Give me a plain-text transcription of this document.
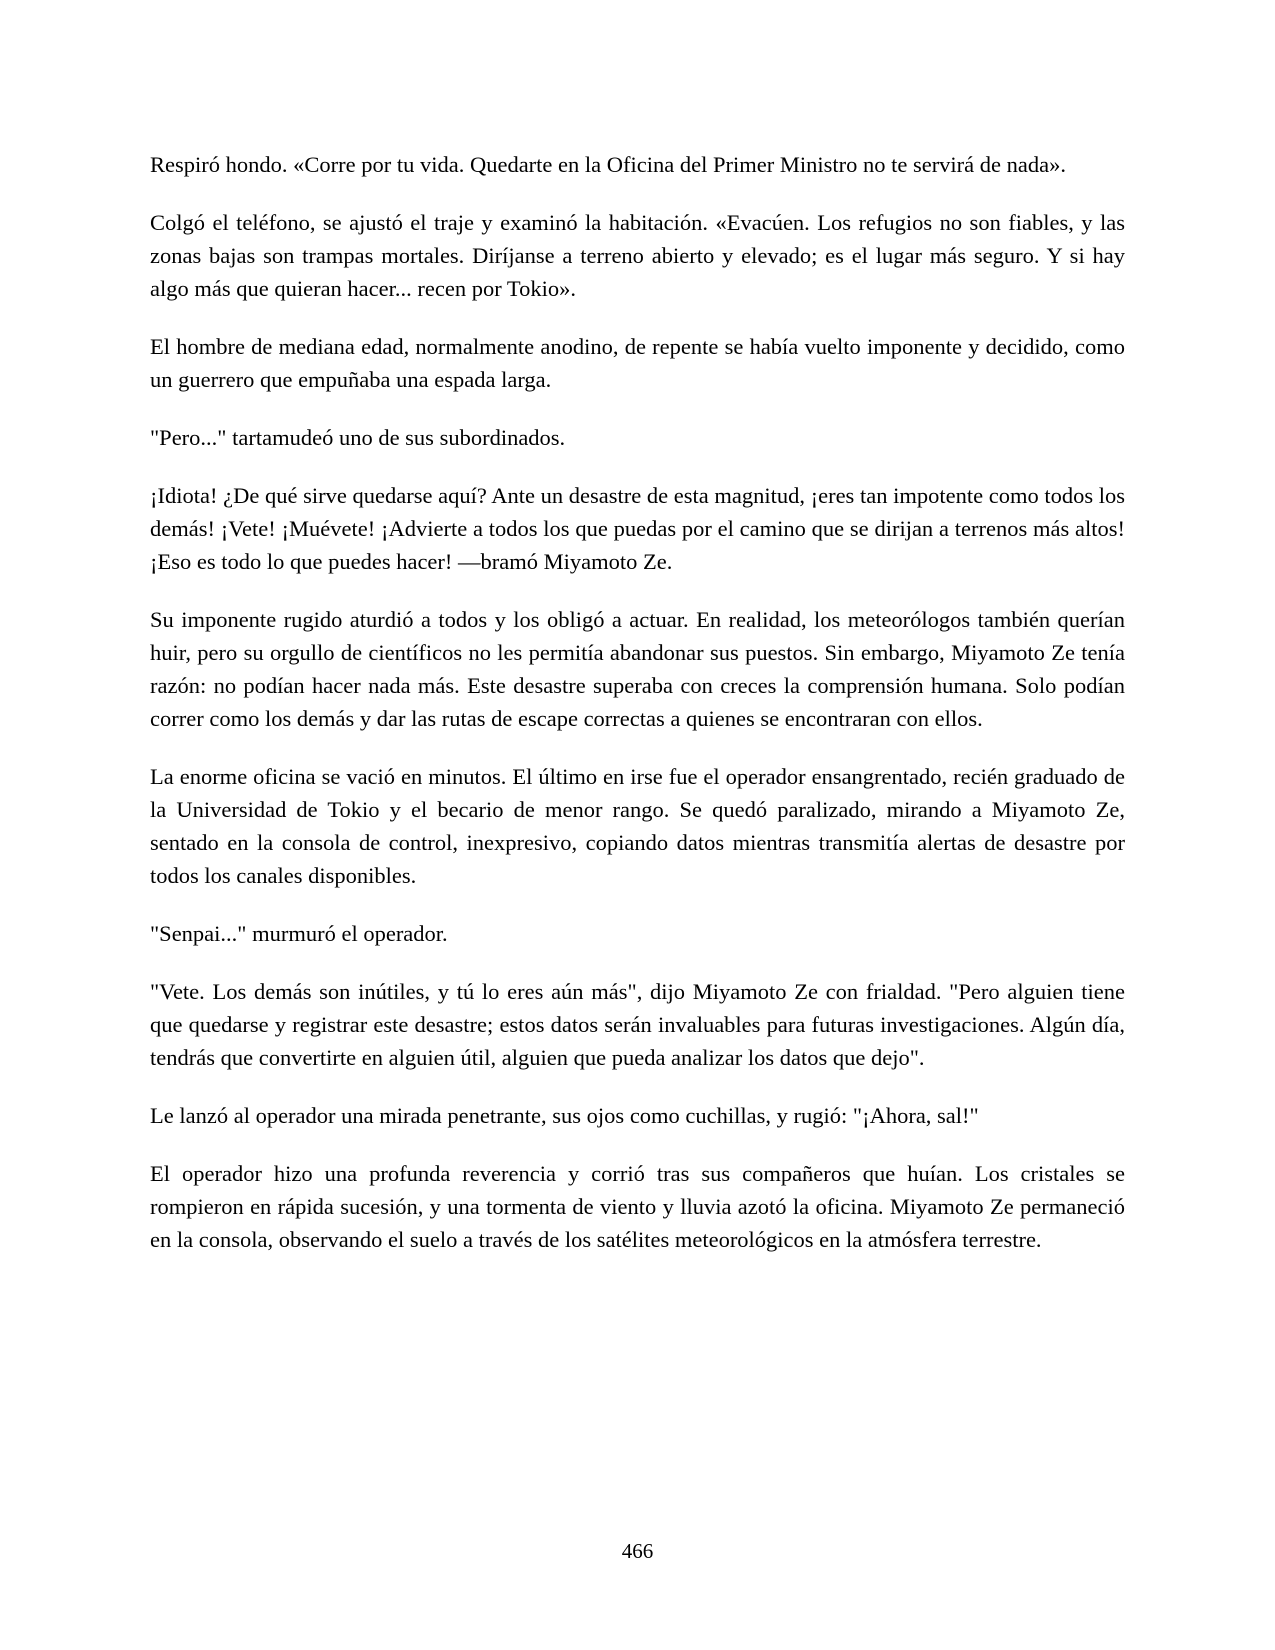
Respiró hondo. «Corre por tu vida. Quedarte en la Oficina del Primer Ministro no te servirá de nada».

Colgó el teléfono, se ajustó el traje y examinó la habitación. «Evacúen. Los refugios no son fiables, y las zonas bajas son trampas mortales. Diríjanse a terreno abierto y elevado; es el lugar más seguro. Y si hay algo más que quieran hacer... recen por Tokio».

El hombre de mediana edad, normalmente anodino, de repente se había vuelto imponente y decidido, como un guerrero que empuñaba una espada larga.

"Pero..." tartamudeó uno de sus subordinados.

¡Idiota! ¿De qué sirve quedarse aquí? Ante un desastre de esta magnitud, ¡eres tan impotente como todos los demás! ¡Vete! ¡Muévete! ¡Advierte a todos los que puedas por el camino que se dirijan a terrenos más altos! ¡Eso es todo lo que puedes hacer! —bramó Miyamoto Ze.

Su imponente rugido aturdió a todos y los obligó a actuar. En realidad, los meteorólogos también querían huir, pero su orgullo de científicos no les permitía abandonar sus puestos. Sin embargo, Miyamoto Ze tenía razón: no podían hacer nada más. Este desastre superaba con creces la comprensión humana. Solo podían correr como los demás y dar las rutas de escape correctas a quienes se encontraran con ellos.

La enorme oficina se vació en minutos. El último en irse fue el operador ensangrentado, recién graduado de la Universidad de Tokio y el becario de menor rango. Se quedó paralizado, mirando a Miyamoto Ze, sentado en la consola de control, inexpresivo, copiando datos mientras transmitía alertas de desastre por todos los canales disponibles.

"Senpai..." murmuró el operador.

"Vete. Los demás son inútiles, y tú lo eres aún más", dijo Miyamoto Ze con frialdad. "Pero alguien tiene que quedarse y registrar este desastre; estos datos serán invaluables para futuras investigaciones. Algún día, tendrás que convertirte en alguien útil, alguien que pueda analizar los datos que dejo".

Le lanzó al operador una mirada penetrante, sus ojos como cuchillas, y rugió: "¡Ahora, sal!"

El operador hizo una profunda reverencia y corrió tras sus compañeros que huían. Los cristales se rompieron en rápida sucesión, y una tormenta de viento y lluvia azotó la oficina. Miyamoto Ze permaneció en la consola, observando el suelo a través de los satélites meteorológicos en la atmósfera terrestre.

466
